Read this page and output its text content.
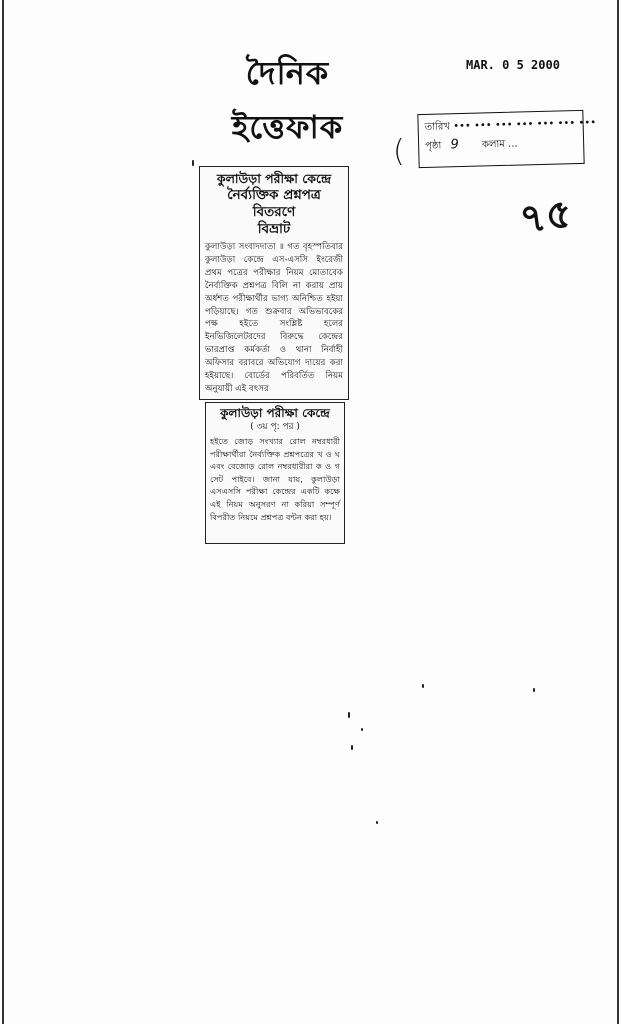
দৈনিক ইত্তেফাক
MAR. 0 5 2000
(
তারিখ ••• ••• ••• ••• ••• ••• •••
পৃষ্ঠা 9 কলাম ...
৭৫

কুলাউড়া পরীক্ষা কেন্দ্রে

নৈর্ব্যক্তিক প্রশ্নপত্র বিতরণে

বিভ্রাট

কুলাউড়া সংবাদদাতা ॥ গত বৃহস্পতিবার কুলাউড়া কেন্দ্রে এস-এসসি ইংরেজী প্রথম পত্রের পরীক্ষার নিয়ম মোতাবেক নৈর্ব্যক্তিক প্রশ্নপত্র বিলি না করায় প্রায় অর্ধশত পরীক্ষার্থীর ভাগ্য অনিশ্চিত হইয়া পড়িয়াছে। গত শুক্রবার অভিভাবকের পক্ষ হইতে সংশ্লিষ্ট হলের ইনভিজিলেটরদের বিরুদ্ধে কেন্দ্রের ভারপ্রাপ্ত কর্মকর্তা ও থানা নির্বাহী অফিসার বরাবরে অভিযোগ দায়ের করা হইয়াছে। বোর্ডের পরিবর্তিত নিয়ম অনুযায়ী এই বৎসর

কুলাউড়া পরীক্ষা কেন্দ্রে

( ৩য় পৃ: পর )
হইতে জোড় সংখ্যার রোল নম্বরধারী পরীক্ষার্থীরা নৈর্ব্যক্তিক প্রশ্নপত্রের খ ও ঘ এবং বেজোড় রোল নম্বরধারীরা ক ও গ সেট পাইবে। জানা যায়, কুলাউড়া এসএসসি পরীক্ষা কেন্দ্রের একটি কক্ষে এই নিয়ম অনুসরণ না করিয়া সম্পূর্ণ বিপরীত নিয়মে প্রশ্নপত্র বন্টন করা হয়।
